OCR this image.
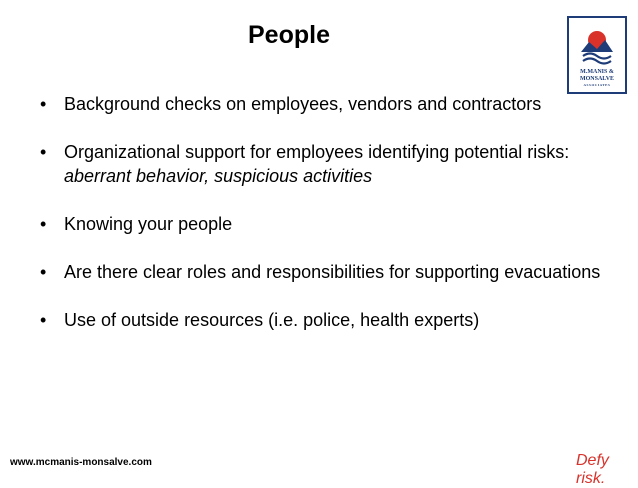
People
M.MANIS &
MONSALVE
ASSOCIATES
• Background checks on employees, vendors and contractors
• Organizational support for employees identifying potential risks: aberrant behavior, suspicious activities
• Knowing your people
• Are there clear roles and responsibilities for supporting evacuations
• Use of outside resources (i.e. police, health experts)
www.mcmanis-monsalve.com	Defy risk.
